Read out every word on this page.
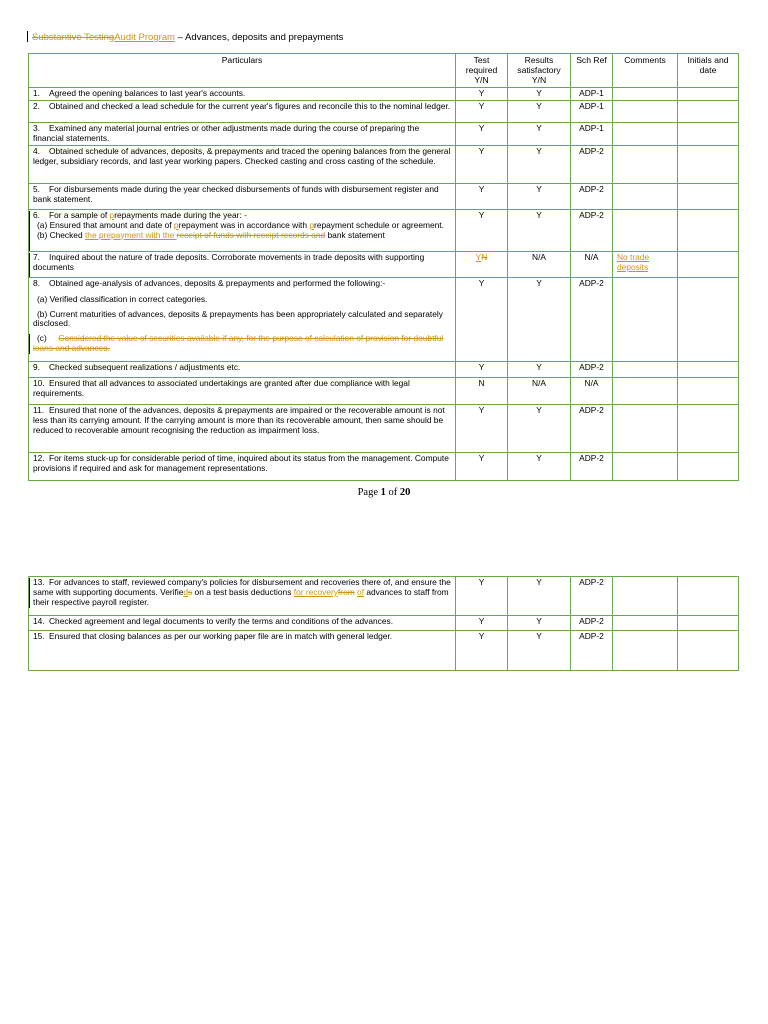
Substantive TestingAudit Program – Advances, deposits and prepayments
Particulars	Test required Y/N	Results satisfactory Y/N	Sch Ref	Comments	Initials and date
1. Agreed the opening balances to last year's accounts.	Y	Y	ADP-1		
2. Obtained and checked a lead schedule for the current year's figures and reconcile this to the nominal ledger.	Y	Y	ADP-1		
3. Examined any material journal entries or other adjustments made during the course of preparing the financial statements.	Y	Y	ADP-1		
4. Obtained schedule of advances, deposits, & prepayments and traced the opening balances from the general ledger, subsidiary records, and last year working papers. Checked casting and cross casting of the schedule.	Y	Y	ADP-2		
5. For disbursements made during the year checked disbursements of funds with disbursement register and bank statement.	Y	Y	ADP-2		

6. For a sample of prepayments made during the year: -
(a) Ensured that amount and date of prepayment was in accordance with prepayment schedule or agreement.
(b) Checked the prepayment with the receipt of funds with receipt records and bank statement	Y	Y	ADP-2		

7. Inquired about the nature of trade deposits. Corroborate movements in trade deposits with supporting documents	YN	N/A	N/A	No trade deposits	
8. Obtained age-analysis of advances, deposits & prepayments and performed the following:-
(a) Verified classification in correct categories.
(b) Current maturities of advances, deposits & prepayments has been appropriately calculated and separately disclosed.
(c) Considered the value of securities available if any, for the purpose of calculation of provision for doubtful loans and advances.	Y	Y	ADP-2		
9. Checked subsequent realizations / adjustments etc.	Y	Y	ADP-2		
10. Ensured that all advances to associated undertakings are granted after due compliance with legal requirements.	N	N/A	N/A		
11. Ensured that none of the advances, deposits & prepayments are impaired or the recoverable amount is not less than its carrying amount. If the carrying amount is more than its recoverable amount, then same should be reduced to recoverable amount recognising the reduction as impairment loss.	Y	Y	ADP-2		
12. For items stuck-up for considerable period of time, inquired about its status from the management. Compute provisions if required and ask for management representations.	Y	Y	ADP-2		
Page 1 of 20
13. For advances to staff, reviewed company's policies for disbursement and recoveries there of, and ensure the same with supporting documents. Verifieds on a test basis deductions for recoveryfrom of advances to staff from their respective payroll register.	Y	Y	ADP-2		
14. Checked agreement and legal documents to verify the terms and conditions of the advances.	Y	Y	ADP-2		
15. Ensured that closing balances as per our working paper file are in match with general ledger.	Y	Y	ADP-2		
